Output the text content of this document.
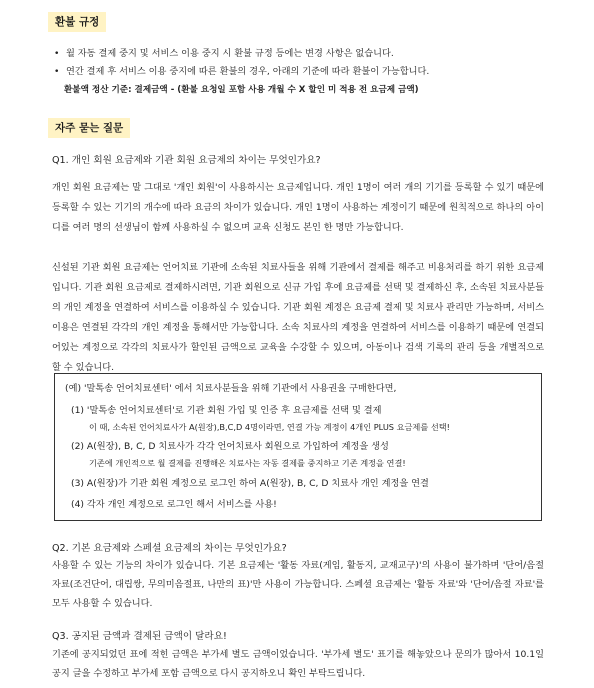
환불 규정
• 월 자동 결제 중지 및 서비스 이용 중지 시 환불 규정 등에는 변경 사항은 없습니다.
• 연간 결제 후 서비스 이용 중지에 따른 환불의 경우, 아래의 기준에 따라 환불이 가능합니다.
환불액 정산 기준: 결제금액 - (환불 요청일 포함 사용 개월 수 X 할인 미 적용 전 요금제 금액)
자주 묻는 질문
Q1. 개인 회원 요금제와 기관 회원 요금제의 차이는 무엇인가요?
개인 회원 요금제는 말 그대로 '개인 회원'이 사용하시는 요금제입니다. 개인 1명이 여러 개의 기기를 등록할 수 있기 때문에 등록할 수 있는 기기의 개수에 따라 요금의 차이가 있습니다. 개인 1명이 사용하는 계정이기 때문에 원칙적으로 하나의 아이디를 여러 명의 선생님이 함께 사용하실 수 없으며 교육 신청도 본인 한 명만 가능합니다.
신설된 기관 회원 요금제는 언어치료 기관에 소속된 치료사들을 위해 기관에서 결제를 해주고 비용처리를 하기 위한 요금제입니다. 기관 회원 요금제로 결제하시려면, 기관 회원으로 신규 가입 후에 요금제를 선택 및 결제하신 후, 소속된 치료사분들의 개인 계정을 연결하여 서비스를 이용하실 수 있습니다. 기관 회원 계정은 요금제 결제 및 치료사 관리만 가능하며, 서비스 이용은 연결된 각각의 개인 계정을 통해서만 가능합니다. 소속 치료사의 계정을 연결하여 서비스를 이용하기 때문에 연결되어있는 계정으로 각각의 치료사가 할인된 금액으로 교육을 수강할 수 있으며, 아동이나 검색 기록의 관리 등을 개별적으로 할 수 있습니다.
(예) '말톡송 언어치료센터' 에서 치료사분들을 위해 기관에서 사용권을 구매한다면,
(1) '말톡송 언어치료센터'로 기관 회원 가입 및 인증 후 요금제를 선택 및 결제
이 때, 소속된 언어치료사가 A(원장),B,C,D 4명이라면, 연결 가능 계정이 4개인 PLUS 요금제를 선택!
(2) A(원장), B, C, D 치료사가 각각 언어치료사 회원으로 가입하여 계정을 생성
기존에 개인적으로 월 결제를 진행해온 치료사는 자동 결제를 중지하고 기존 계정을 연결!
(3) A(원장)가 기관 회원 계정으로 로그인 하여 A(원장), B, C, D 치료사 개인 계정을 연결
(4) 각자 개인 계정으로 로그인 해서 서비스를 사용!
Q2. 기본 요금제와 스페셜 요금제의 차이는 무엇인가요?
사용할 수 있는 기능의 차이가 있습니다. 기본 요금제는 '활동 자료(게임, 활동지, 교재교구)'의 사용이 불가하며 '단어/음절 자료(조건단어, 대립쌍, 무의미음절표, 나만의 표)'만 사용이 가능합니다. 스페셜 요금제는 '활동 자료'와 '단어/음절 자료'를 모두 사용할 수 있습니다.
Q3. 공지된 금액과 결제된 금액이 달라요!
기존에 공지되었던 표에 적힌 금액은 부가세 별도 금액이었습니다. '부가세 별도' 표기를 해놓았으나 문의가 많아서 10.1일 공지 글을 수정하고 부가세 포함 금액으로 다시 공지하오니 확인 부탁드립니다.
